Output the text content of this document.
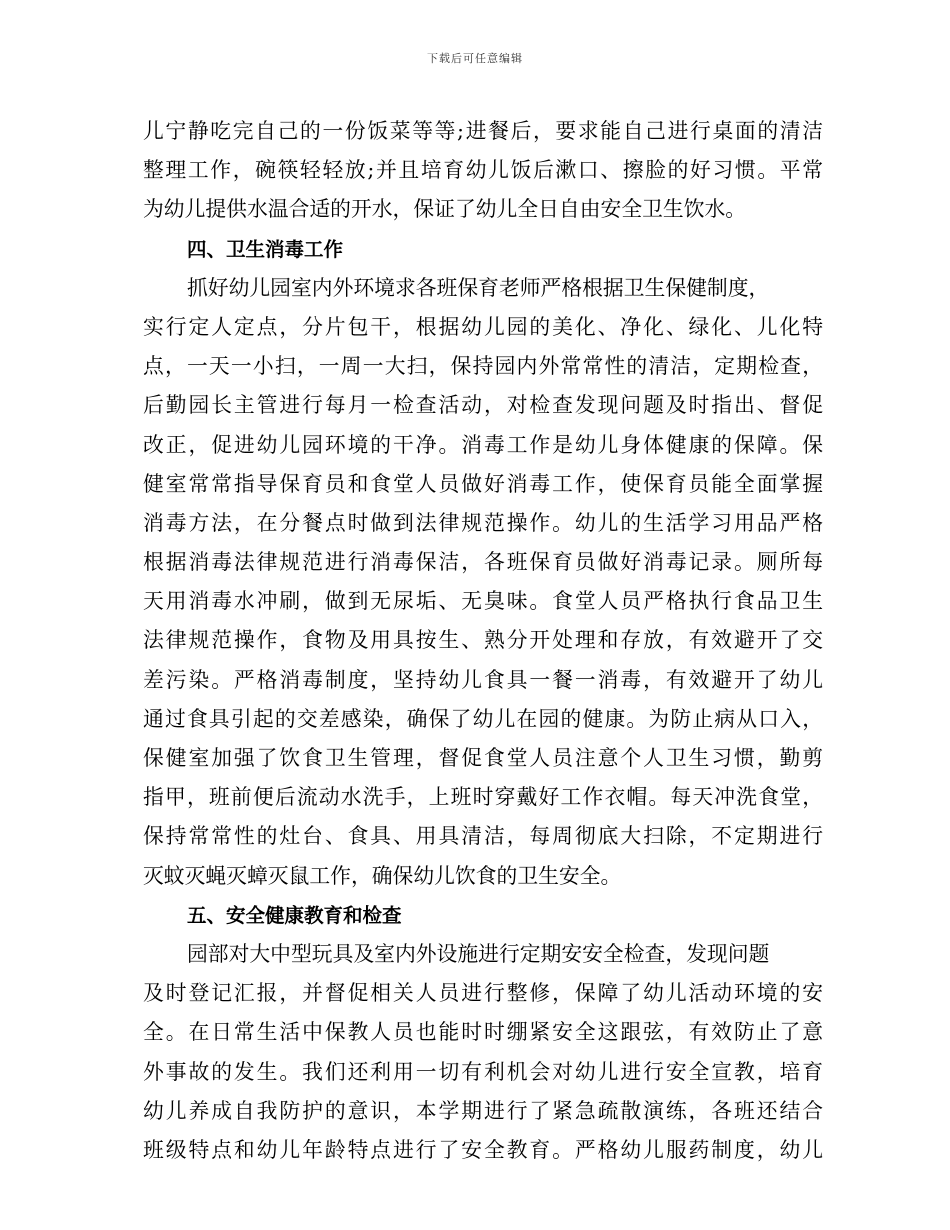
下载后可任意编辑
儿宁静吃完自己的一份饭菜等等;进餐后，要求能自己进行桌面的清洁
整理工作，碗筷轻轻放;并且培育幼儿饭后漱口、擦脸的好习惯。平常
为幼儿提供水温合适的开水，保证了幼儿全日自由安全卫生饮水。
四、卫生消毒工作
抓好幼儿园室内外环境求各班保育老师严格根据卫生保健制度，
实行定人定点，分片包干，根据幼儿园的美化、净化、绿化、儿化特
点，一天一小扫，一周一大扫，保持园内外常常性的清洁，定期检查，
后勤园长主管进行每月一检查活动，对检查发现问题及时指出、督促
改正，促进幼儿园环境的干净。消毒工作是幼儿身体健康的保障。保
健室常常指导保育员和食堂人员做好消毒工作，使保育员能全面掌握
消毒方法，在分餐点时做到法律规范操作。幼儿的生活学习用品严格
根据消毒法律规范进行消毒保洁，各班保育员做好消毒记录。厕所每
天用消毒水冲刷，做到无尿垢、无臭味。食堂人员严格执行食品卫生
法律规范操作，食物及用具按生、熟分开处理和存放，有效避开了交
差污染。严格消毒制度，坚持幼儿食具一餐一消毒，有效避开了幼儿
通过食具引起的交差感染，确保了幼儿在园的健康。为防止病从口入，
保健室加强了饮食卫生管理，督促食堂人员注意个人卫生习惯，勤剪
指甲，班前便后流动水洗手，上班时穿戴好工作衣帽。每天冲洗食堂，
保持常常性的灶台、食具、用具清洁，每周彻底大扫除，不定期进行
灭蚊灭蝇灭蟑灭鼠工作，确保幼儿饮食的卫生安全。
五、安全健康教育和检查
园部对大中型玩具及室内外设施进行定期安安全检查，发现问题
及时登记汇报，并督促相关人员进行整修，保障了幼儿活动环境的安
全。在日常生活中保教人员也能时时绷紧安全这跟弦，有效防止了意
外事故的发生。我们还利用一切有利机会对幼儿进行安全宣教，培育
幼儿养成自我防护的意识，本学期进行了紧急疏散演练，各班还结合
班级特点和幼儿年龄特点进行了安全教育。严格幼儿服药制度，幼儿
